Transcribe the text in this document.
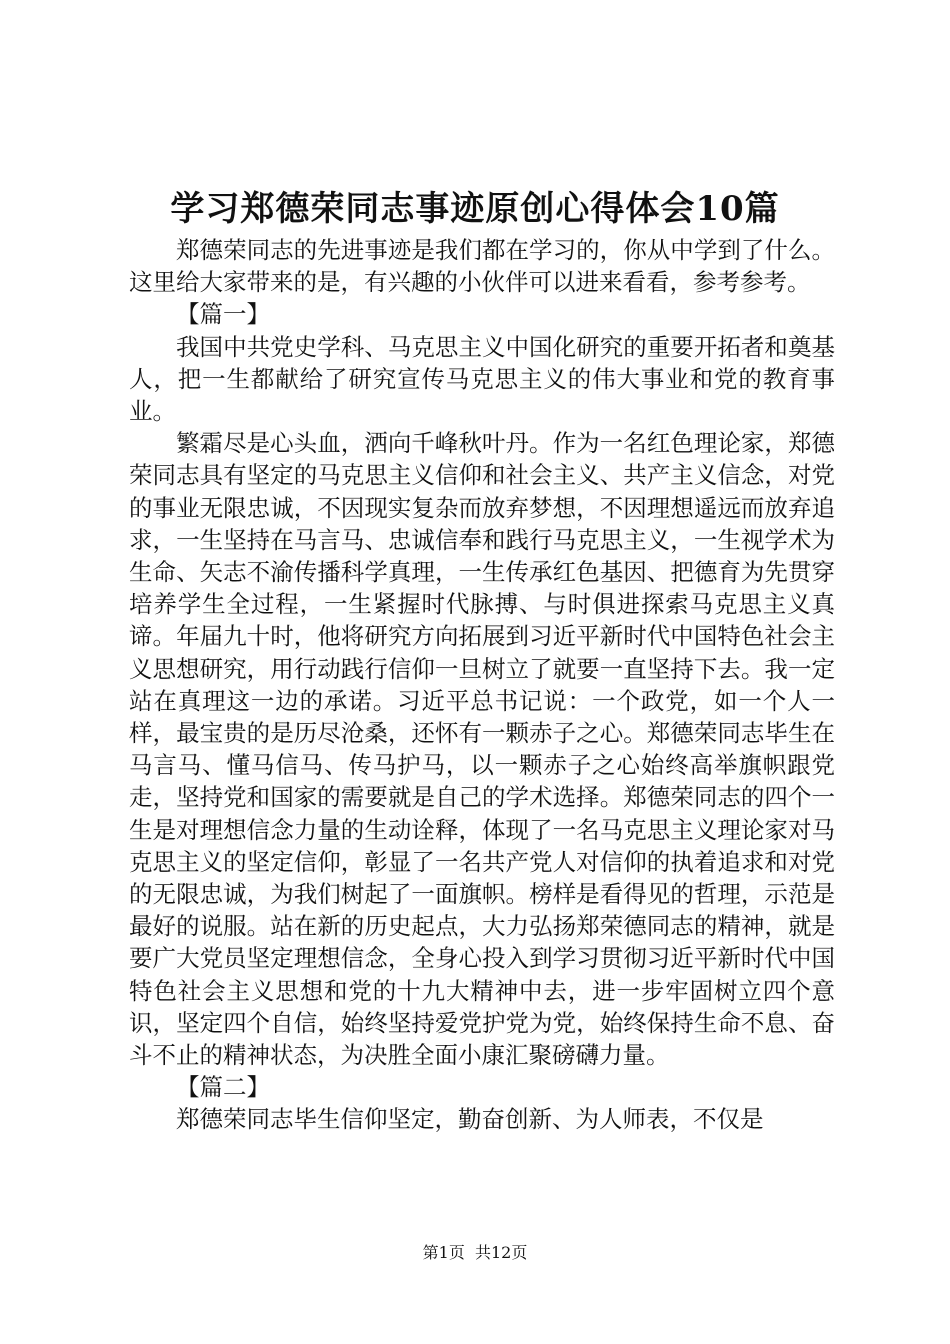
学习郑德荣同志事迹原创心得体会10篇

郑德荣同志的先进事迹是我们都在学习的，你从中学到了什么。这里给大家带来的是，有兴趣的小伙伴可以进来看看，参考参考。

【篇一】

我国中共党史学科、马克思主义中国化研究的重要开拓者和奠基人，把一生都献给了研究宣传马克思主义的伟大事业和党的教育事业。

繁霜尽是心头血，洒向千峰秋叶丹。作为一名红色理论家，郑德荣同志具有坚定的马克思主义信仰和社会主义、共产主义信念，对党的事业无限忠诚，不因现实复杂而放弃梦想，不因理想遥远而放弃追求，一生坚持在马言马、忠诚信奉和践行马克思主义，一生视学术为生命、矢志不渝传播科学真理，一生传承红色基因、把德育为先贯穿培养学生全过程，一生紧握时代脉搏、与时俱进探索马克思主义真谛。年届九十时，他将研究方向拓展到习近平新时代中国特色社会主义思想研究，用行动践行信仰一旦树立了就要一直坚持下去。我一定站在真理这一边的承诺。习近平总书记说：一个政党，如一个人一样，最宝贵的是历尽沧桑，还怀有一颗赤子之心。郑德荣同志毕生在马言马、懂马信马、传马护马，以一颗赤子之心始终高举旗帜跟党走，坚持党和国家的需要就是自己的学术选择。郑德荣同志的四个一生是对理想信念力量的生动诠释，体现了一名马克思主义理论家对马克思主义的坚定信仰，彰显了一名共产党人对信仰的执着追求和对党的无限忠诚，为我们树起了一面旗帜。榜样是看得见的哲理，示范是最好的说服。站在新的历史起点，大力弘扬郑荣德同志的精神，就是要广大党员坚定理想信念，全身心投入到学习贯彻习近平新时代中国特色社会主义思想和党的十九大精神中去，进一步牢固树立四个意识，坚定四个自信，始终坚持爱党护党为党，始终保持生命不息、奋斗不止的精神状态，为决胜全面小康汇聚磅礴力量。

【篇二】

郑德荣同志毕生信仰坚定，勤奋创新、为人师表，不仅是

第1页  共12页
